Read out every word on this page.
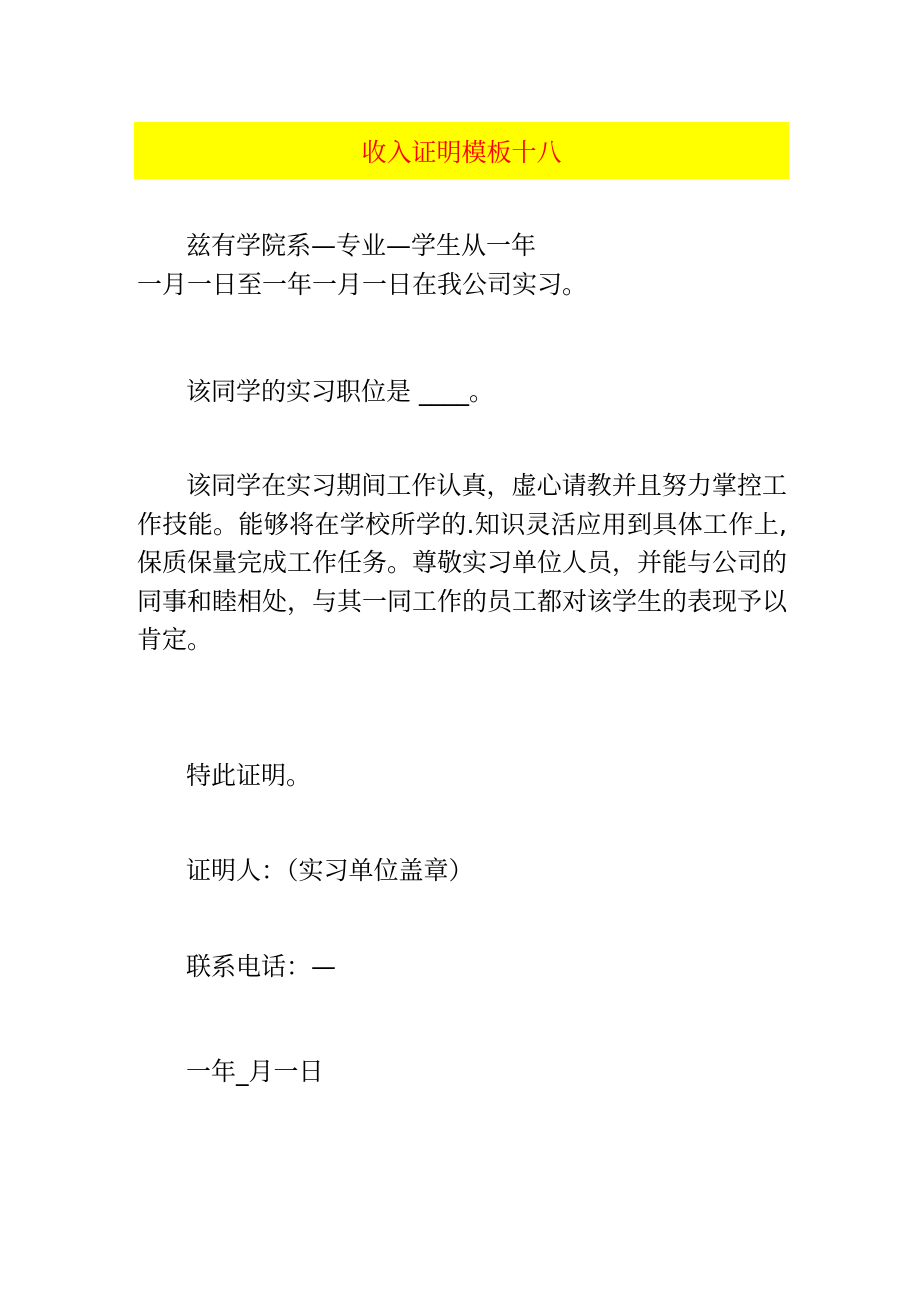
收入证明模板十八
兹有学院系—专业—学生从一年
一月一日至一年一月一日在我公司实习。

该同学的实习职位是 ____。

该同学在实习期间工作认真，虚心请教并且努力掌控工作技能。能够将在学校所学的.知识灵活应用到具体工作上,保质保量完成工作任务。尊敬实习单位人员，并能与公司的同事和睦相处，与其一同工作的员工都对该学生的表现予以肯定。

特此证明。

证明人：（实习单位盖章）

联系电话：—

一年_月一日
